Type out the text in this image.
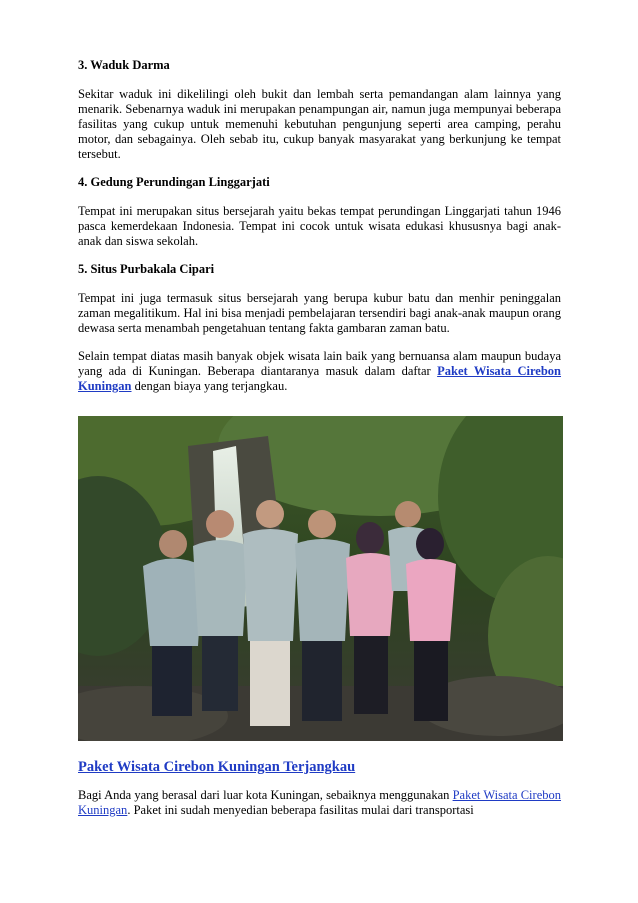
3. Waduk Darma

Sekitar waduk ini dikelilingi oleh bukit dan lembah serta pemandangan alam lainnya yang menarik. Sebenarnya waduk ini merupakan penampungan air, namun juga mempunyai beberapa fasilitas yang cukup untuk memenuhi kebutuhan pengunjung seperti area camping, perahu motor, dan sebagainya. Oleh sebab itu, cukup banyak masyarakat yang berkunjung ke tempat tersebut.

4. Gedung Perundingan Linggarjati

Tempat ini merupakan situs bersejarah yaitu bekas tempat perundingan Linggarjati tahun 1946 pasca kemerdekaan Indonesia. Tempat ini cocok untuk wisata edukasi khususnya bagi anak-anak dan siswa sekolah.

5. Situs Purbakala Cipari

Tempat ini juga termasuk situs bersejarah yang berupa kubur batu dan menhir peninggalan zaman megalitikum. Hal ini bisa menjadi pembelajaran tersendiri bagi anak-anak maupun orang dewasa serta menambah pengetahuan tentang fakta gambaran zaman batu.

Selain tempat diatas masih banyak objek wisata lain baik yang bernuansa alam maupun budaya yang ada di Kuningan. Beberapa diantaranya masuk dalam daftar Paket Wisata Cirebon Kuningan dengan biaya yang terjangkau.

Paket Wisata Cirebon Kuningan Terjangkau

Bagi Anda yang berasal dari luar kota Kuningan, sebaiknya menggunakan Paket Wisata Cirebon Kuningan. Paket ini sudah menyedian beberapa fasilitas mulai dari transportasi
